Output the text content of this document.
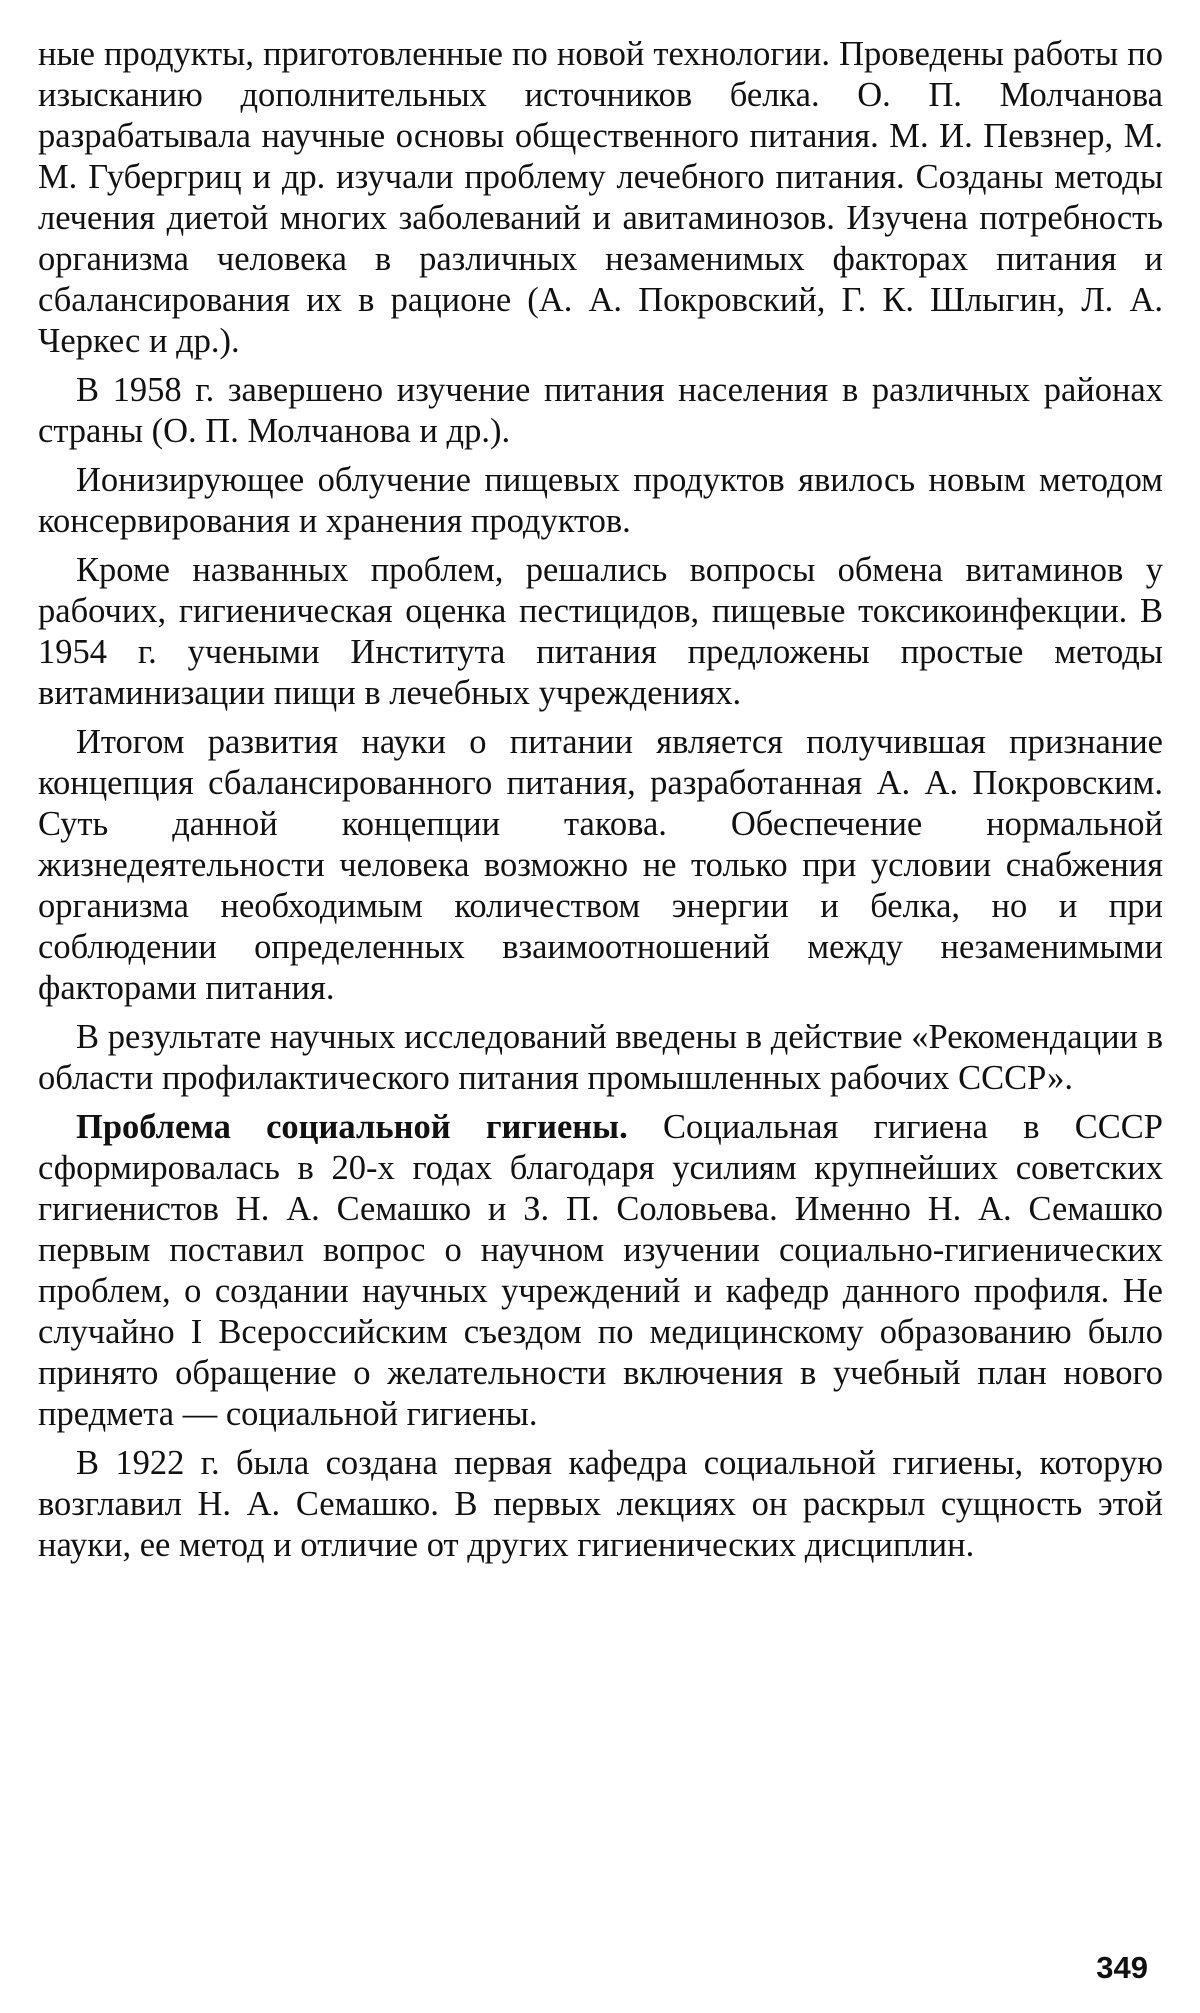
ные продукты, приготовленные по новой технологии. Проведены работы по изысканию дополнительных источников белка. О. П. Молчанова разрабатывала научные основы общественного питания. М. И. Певзнер, М. М. Губергриц и др. изучали проблему лечебного питания. Созданы методы лечения диетой многих заболеваний и авитаминозов. Изучена потребность организма человека в различных незаменимых факторах питания и сбалансирования их в рационе (А. А. Покровский, Г. К. Шлыгин, Л. А. Черкес и др.).

В 1958 г. завершено изучение питания населения в различных районах страны (О. П. Молчанова и др.).

Ионизирующее облучение пищевых продуктов явилось новым методом консервирования и хранения продуктов.

Кроме названных проблем, решались вопросы обмена витаминов у рабочих, гигиеническая оценка пестицидов, пищевые токсикоинфекции. В 1954 г. учеными Института питания предложены простые методы витаминизации пищи в лечебных учреждениях.

Итогом развития науки о питании является получившая признание концепция сбалансированного питания, разработанная А. А. Покровским. Суть данной концепции такова. Обеспечение нормальной жизнедеятельности человека возможно не только при условии снабжения организма необходимым количеством энергии и белка, но и при соблюдении определенных взаимоотношений между незаменимыми факторами питания.

В результате научных исследований введены в действие «Рекомендации в области профилактического питания промышленных рабочих СССР».

Проблема социальной гигиены. Социальная гигиена в СССР сформировалась в 20-х годах благодаря усилиям крупнейших советских гигиенистов Н. А. Семашко и З. П. Соловьева. Именно Н. А. Семашко первым поставил вопрос о научном изучении социально-гигиенических проблем, о создании научных учреждений и кафедр данного профиля. Не случайно I Всероссийским съездом по медицинскому образованию было принято обращение о желательности включения в учебный план нового предмета — социальной гигиены.

В 1922 г. была создана первая кафедра социальной гигиены, которую возглавил Н. А. Семашко. В первых лекциях он раскрыл сущность этой науки, ее метод и отличие от других гигиенических дисциплин.

349
